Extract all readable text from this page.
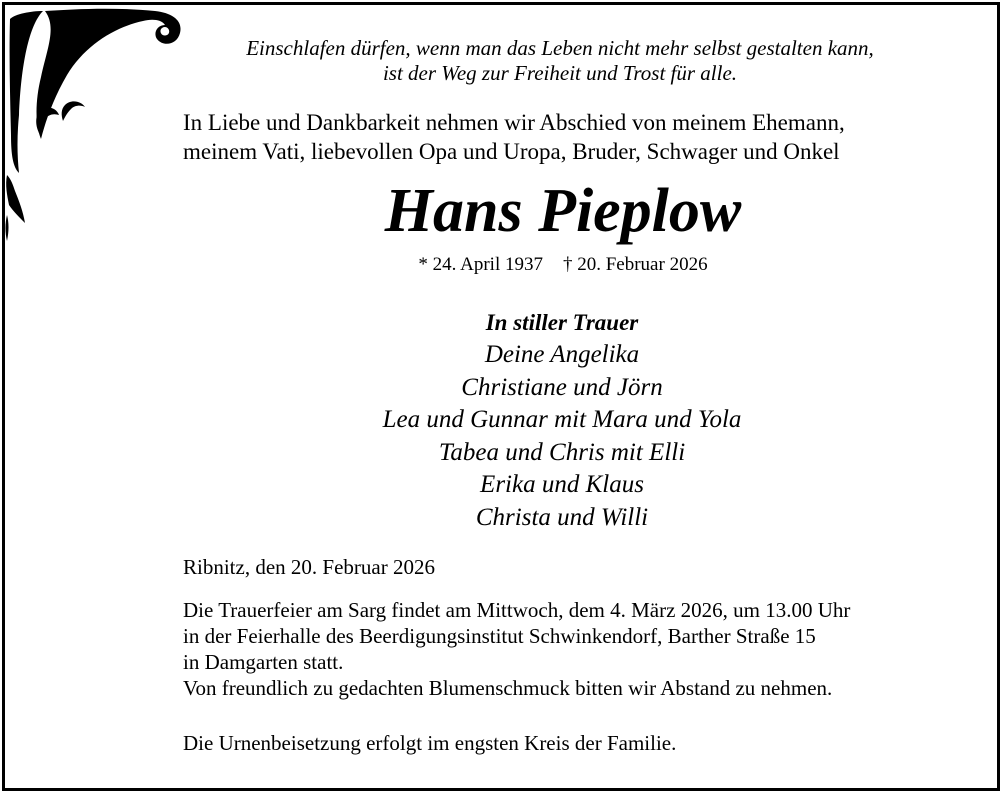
Einschlafen dürfen, wenn man das Leben nicht mehr selbst gestalten kann,
ist der Weg zur Freiheit und Trost für alle.
In Liebe und Dankbarkeit nehmen wir Abschied von meinem Ehemann,
meinem Vati, liebevollen Opa und Uropa, Bruder, Schwager und Onkel
Hans Pieplow
* 24. April 1937 † 20. Februar 2026
In stiller Trauer
Deine Angelika
Christiane und Jörn
Lea und Gunnar mit Mara und Yola
Tabea und Chris mit Elli
Erika und Klaus
Christa und Willi
Ribnitz, den 20. Februar 2026
Die Trauerfeier am Sarg findet am Mittwoch, dem 4. März 2026, um 13.00 Uhr
in der Feierhalle des Beerdigungsinstitut Schwinkendorf, Barther Straße 15
in Damgarten statt.
Von freundlich zu gedachten Blumenschmuck bitten wir Abstand zu nehmen.
Die Urnenbeisetzung erfolgt im engsten Kreis der Familie.
